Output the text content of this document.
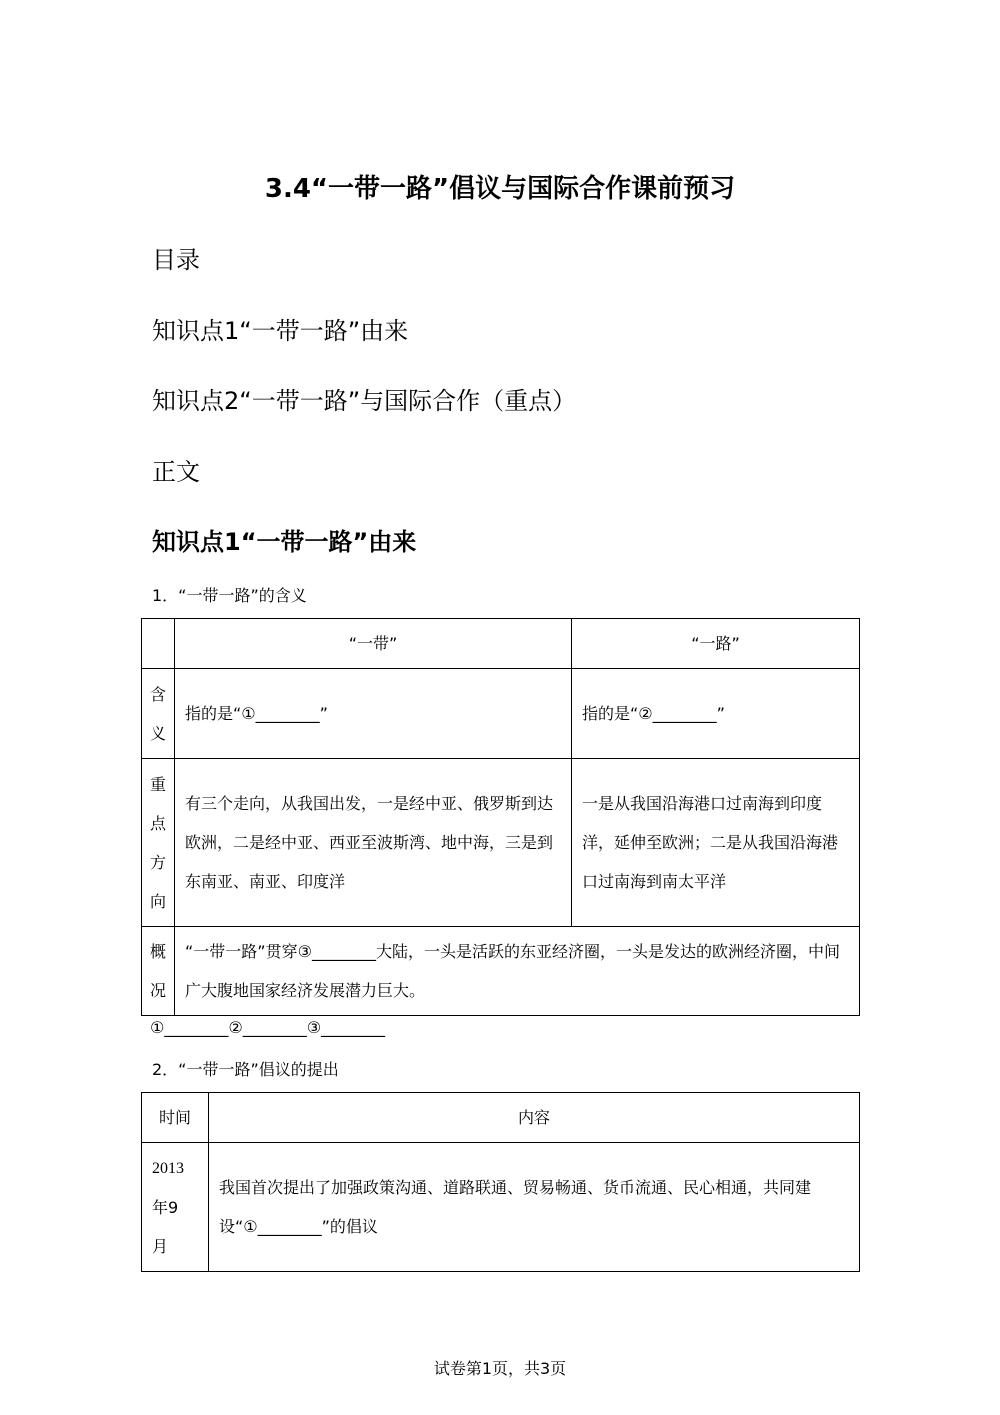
3.4“一带一路”倡议与国际合作课前预习
目录
知识点1“一带一路”由来
知识点2“一带一路”与国际合作（重点）
正文
知识点1“一带一路”由来
1．“一带一路”的含义
	“一带”	“一路”

含
义	指的是“①________”	指的是“②________”

重
点
方
向	有三个走向，从我国出发，一是经中亚、俄罗斯到达欧洲，二是经中亚、西亚至波斯湾、地中海，三是到东南亚、南亚、印度洋	一是从我国沿海港口过南海到印度洋，延伸至欧洲；二是从我国沿海港口过南海到南太平洋

概
况	“一带一路”贯穿③________大陆，一头是活跃的东亚经济圈，一头是发达的欧洲经济圈，中间广大腹地国家经济发展潜力巨大。	
①________②________③________
2．“一带一路”倡议的提出
时间	内容

2013
年9
月	我国首次提出了加强政策沟通、道路联通、贸易畅通、货币流通、民心相通，共同建设“①________”的倡议
试卷第1页，共3页
